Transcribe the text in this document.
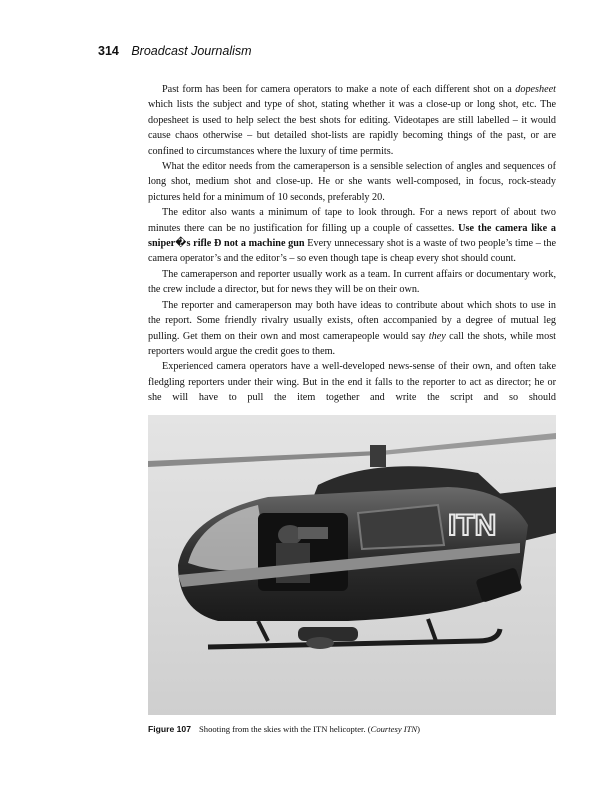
314 Broadcast Journalism

Past form has been for camera operators to make a note of each different shot on a dopesheet which lists the subject and type of shot, stating whether it was a close-up or long shot, etc. The dopesheet is used to help select the best shots for editing. Videotapes are still labelled – it would cause chaos otherwise – but detailed shot-lists are rapidly becoming things of the past, or are confined to circumstances where the luxury of time permits.

What the editor needs from the cameraperson is a sensible selection of angles and sequences of long shot, medium shot and close-up. He or she wants well-composed, in focus, rock-steady pictures held for a minimum of 10 seconds, preferably 20.

The editor also wants a minimum of tape to look through. For a news report of about two minutes there can be no justification for filling up a couple of cassettes. Use the camera like a sniper�s rifle Ð not a machine gun Every unnecessary shot is a waste of two people’s time – the camera operator’s and the editor’s – so even though tape is cheap every shot should count.

The cameraperson and reporter usually work as a team. In current affairs or documentary work, the crew include a director, but for news they will be on their own.

The reporter and cameraperson may both have ideas to contribute about which shots to use in the report. Some friendly rivalry usually exists, often accompanied by a degree of mutual leg pulling. Get them on their own and most camerapeople would say they call the shots, while most reporters would argue the credit goes to them.

Experienced camera operators have a well-developed news-sense of their own, and often take fledgling reporters under their wing. But in the end it falls to the reporter to act as director; he or she will have to pull the item together and write the script and so should

ITN
Figure 107 Shooting from the skies with the ITN helicopter. (Courtesy ITN)
